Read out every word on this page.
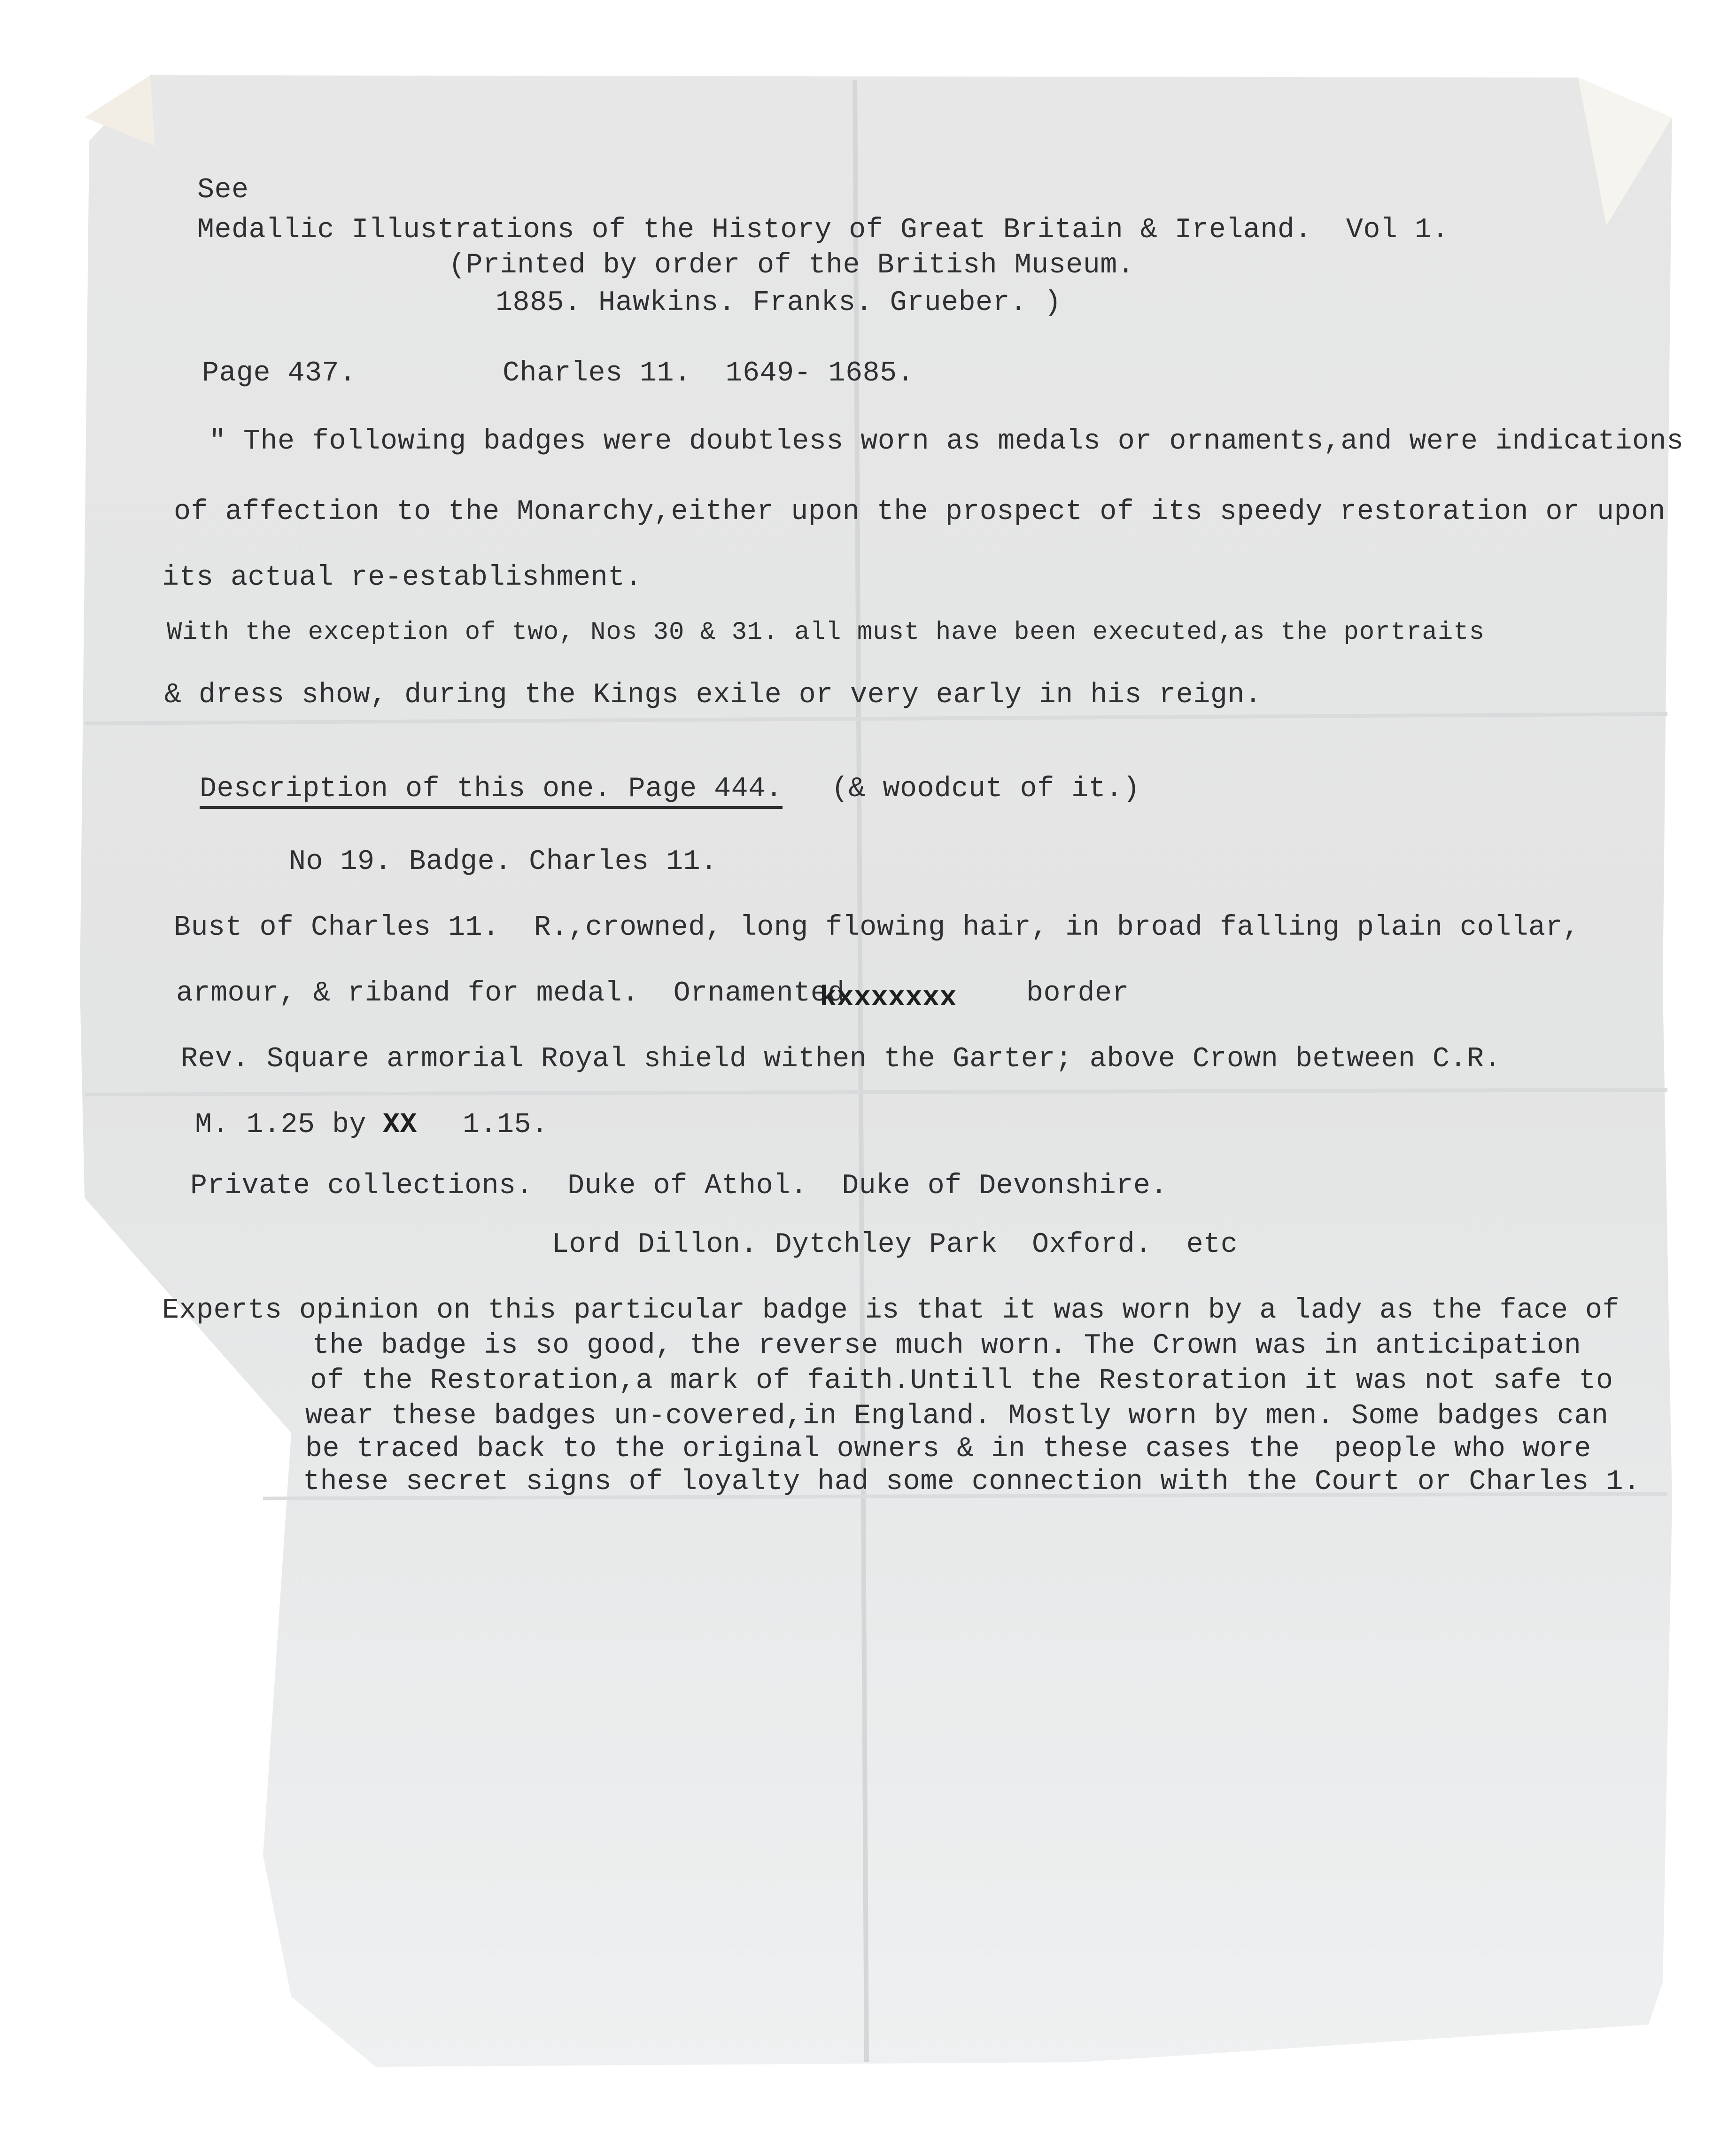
See

Medallic Illustrations of the History of Great Britain & Ireland.  Vol 1.

(Printed by order of the British Museum.

1885. Hawkins. Franks. Grueber. )

Page 437.	Charles 11.  1649- 1685.

" The following badges were doubtless worn as medals or ornaments,and were indications

of affection to the Monarchy,either upon the prospect of its speedy restoration or upon

its actual re-establishment.

With the exception of two, Nos 30 & 31. all must have been executed,as the portraits

& dress show, during the Kings exile or very early in his reign.

Description of this one. Page 444. (& woodcut of it.)

No 19. Badge. Charles 11.

Bust of Charles 11.  R.,crowned, long flowing hair, in broad falling plain collar,

armour, & riband for medal.  Ornamented

kxxxxxxx border

Rev. Square armorial Royal shield withen the Garter; above Crown between C.R.

M. 1.25 by XX 1.15.

Private collections.  Duke of Athol.  Duke of Devonshire.

Lord Dillon. Dytchley Park  Oxford.  etc

Experts opinion on this particular badge is that it was worn by a lady as the face of

the badge is so good, the reverse much worn. The Crown was in anticipation

of the Restoration,a mark of faith.Untill the Restoration it was not safe to

wear these badges un-covered,in England. Mostly worn by men. Some badges can

be traced back to the original owners & in these cases the  people who wore

these secret signs of loyalty had some connection with the Court or Charles 1.
